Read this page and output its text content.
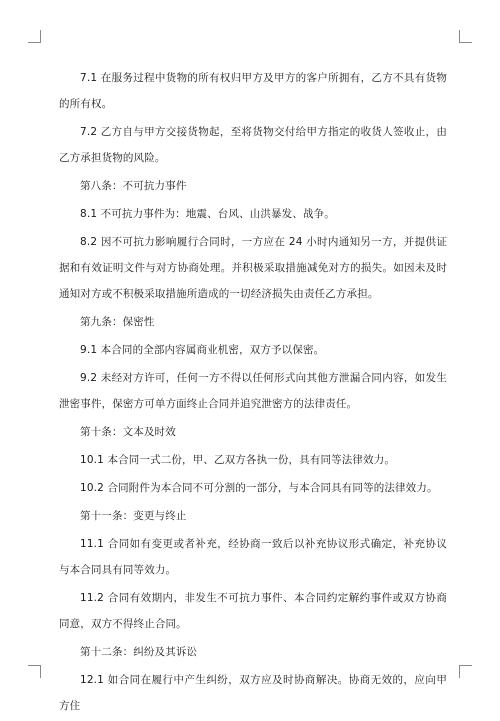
7.1 在服务过程中货物的所有权归甲方及甲方的客户所拥有，乙方不具有货物的所有权。

7.2 乙方自与甲方交接货物起，至将货物交付给甲方指定的收货人签收止，由乙方承担货物的风险。

第八条：不可抗力事件

8.1 不可抗力事件为：地震、台风、山洪暴发、战争。

8.2 因不可抗力影响履行合同时，一方应在 24 小时内通知另一方，并提供证据和有效证明文件与对方协商处理。并积极采取措施减免对方的损失。如因未及时通知对方或不积极采取措施所造成的一切经济损失由责任乙方承担。

第九条：保密性

9.1 本合同的全部内容属商业机密，双方予以保密。

9.2 未经对方许可，任何一方不得以任何形式向其他方泄漏合同内容，如发生泄密事件，保密方可单方面终止合同并追究泄密方的法律责任。

第十条：文本及时效

10.1 本合同一式二份，甲、乙双方各执一份，具有同等法律效力。

10.2 合同附件为本合同不可分割的一部分，与本合同具有同等的法律效力。

第十一条：变更与终止

11.1 合同如有变更或者补充，经协商一致后以补充协议形式确定，补充协议与本合同具有同等效力。

11.2 合同有效期内，非发生不可抗力事件、本合同约定解约事件或双方协商同意，双方不得终止合同。

第十二条：纠纷及其诉讼

12.1 如合同在履行中产生纠纷，双方应及时协商解决。协商无效的，应向甲方住
